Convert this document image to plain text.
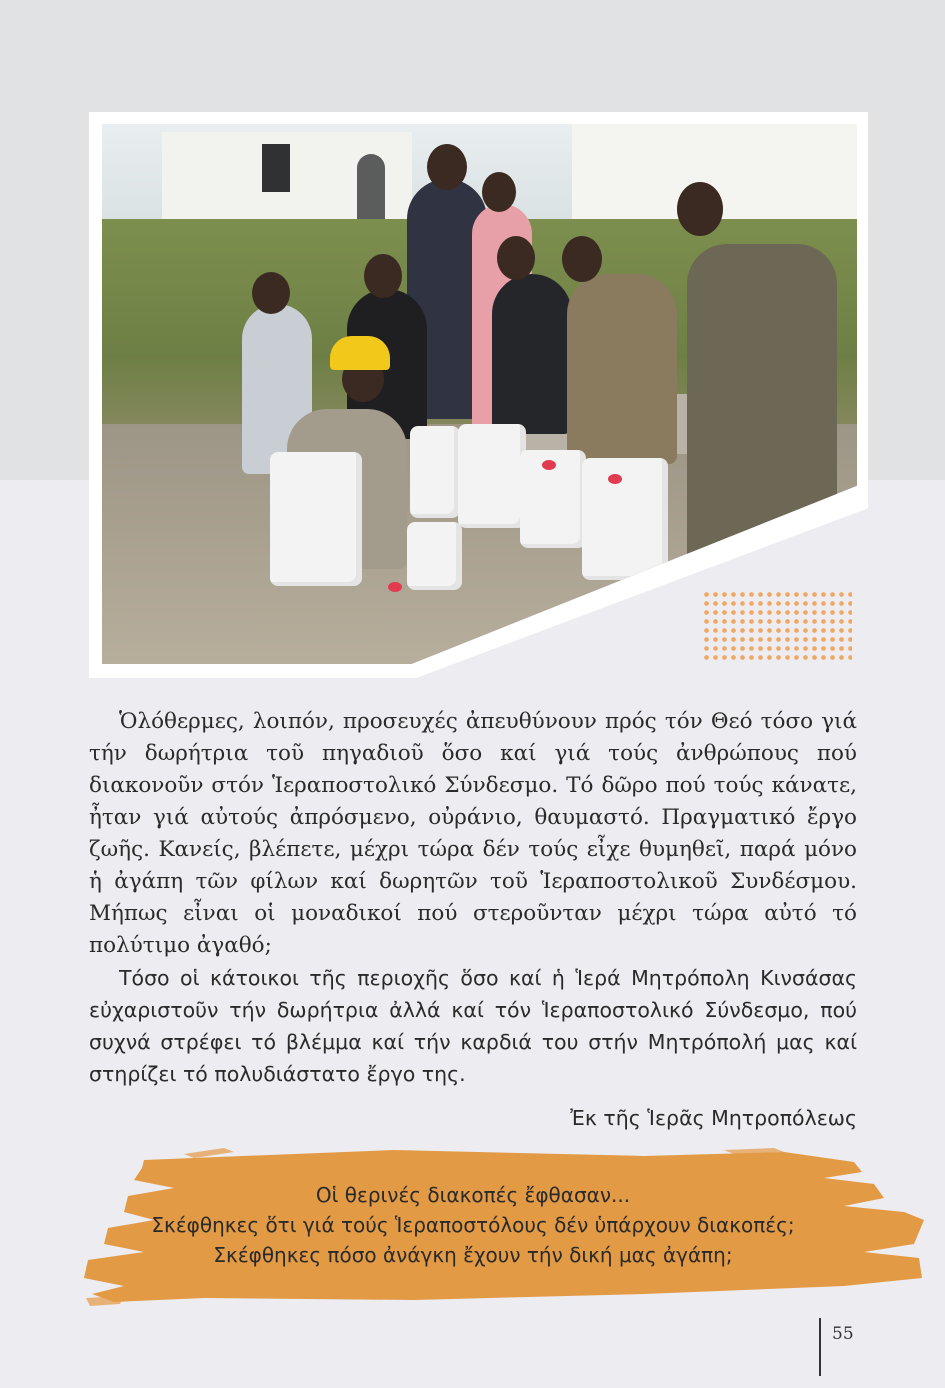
Ὁλόθερμες, λοιπόν, προσευχές ἀπευθύνουν πρός τόν Θεό τόσο γιά τήν δωρήτρια τοῦ πηγαδιοῦ ὅσο καί γιά τούς ἀνθρώπους πού διακονοῦν στόν Ἱεραποστολικό Σύνδεσμο. Τό δῶρο πού τούς κάνατε, ἦταν γιά αὐτούς ἀπρόσμενο, οὐράνιο, θαυμαστό. Πραγματικό ἔργο ζωῆς. Κανείς, βλέπετε, μέχρι τώρα δέν τούς εἶχε θυμηθεῖ, παρά μόνο ἡ ἀγάπη τῶν φίλων καί δωρητῶν τοῦ Ἱεραποστολικοῦ Συνδέσμου. Μήπως εἶναι οἱ μοναδικοί πού στεροῦνταν μέχρι τώρα αὐτό τό πολύτιμο ἀγαθό;

Τόσο οἱ κάτοικοι τῆς περιοχῆς ὅσο καί ἡ Ἱερά Μητρόπολη Κινσάσας εὐχαριστοῦν τήν δωρήτρια ἀλλά καί τόν Ἱεραποστολικό Σύνδεσμο, πού συχνά στρέφει τό βλέμμα καί τήν καρδιά του στήν Μητρόπολή μας καί στηρίζει τό πολυδιάστατο ἔργο της.

Ἐκ τῆς Ἱερᾶς Μητροπόλεως

Οἱ θερινές διακοπές ἔφθασαν...
Σκέφθηκες ὅτι γιά τούς Ἱεραποστόλους δέν ὑπάρχουν διακοπές;
Σκέφθηκες πόσο ἀνάγκη ἔχουν τήν δική μας ἀγάπη;
55
